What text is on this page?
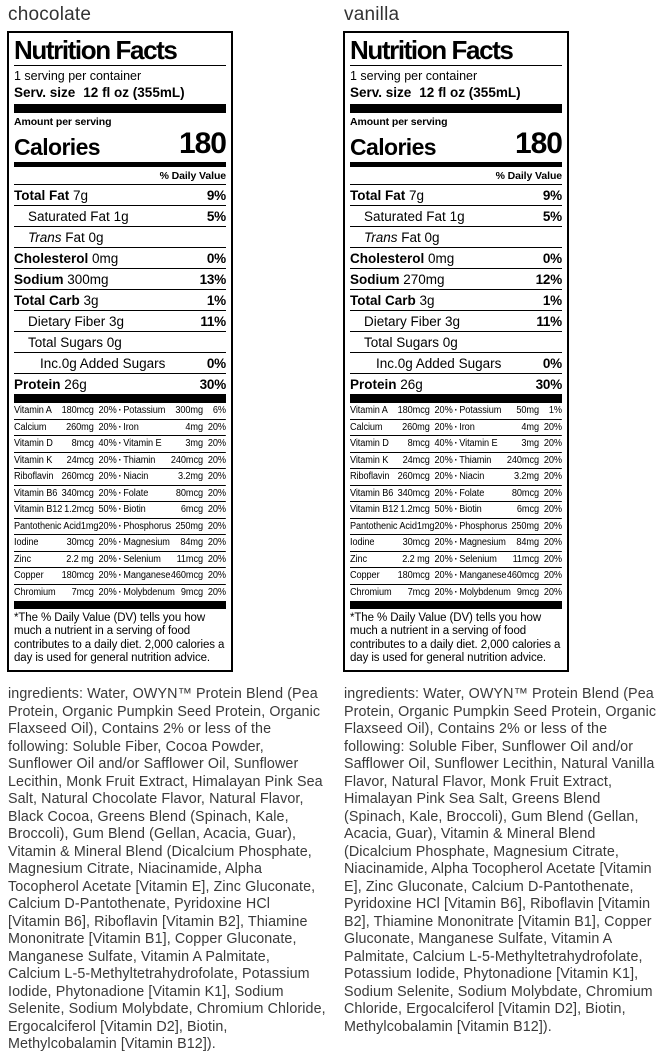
chocolate
Nutrition Facts
1 serving per container
Serv. size 12 fl oz (355mL)
Amount per serving
Calories	180
% Daily Value
Total Fat 7g	9%
Saturated Fat 1g	5%
Trans Fat 0g
Cholesterol 0mg	0%
Sodium 300mg	13%
Total Carb 3g	1%
Dietary Fiber 3g	11%
Total Sugars 0g
Inc.0g Added Sugars	0%
Protein 26g	30%
Vitamin A 180mcg 20% · Potassium	300mg 6%
Calcium	260mg 20% · Iron	4mg 20%
Vitamin D	8mcg 40% · Vitamin E	3mg 20%
Vitamin K	24mcg 20% · Thiamin	240mcg 20%
Riboflavin 260mcg 20% · Niacin	3.2mg 20%
Vitamin B6 340mcg 20% · Folate	80mcg 20%
Vitamin B12 1.2mcg 50% · Biotin	6mcg 20%
Pantothenic Acid 1mg 20% · Phosphorus 250mg 20%
Iodine	30mcg 20% · Magnesium	84mg 20%
Zinc	2.2 mg 20% · Selenium	11mcg 20%
Copper	180mcg 20% · Manganese 460mcg 20%
Chromium	7mcg 20% · Molybdenum 9mcg 20%

*The % Daily Value (DV) tells you how much a nutrient in a serving of food contributes to a daily diet. 2,000 calories a day is used for general nutrition advice.

ingredients: Water, OWYN™ Protein Blend (Pea Protein, Organic Pumpkin Seed Protein, Organic Flaxseed Oil), Contains 2% or less of the following: Soluble Fiber, Cocoa Powder, Sunflower Oil and/or Safflower Oil, Sunflower Lecithin, Monk Fruit Extract, Himalayan Pink Sea Salt, Natural Chocolate Flavor, Natural Flavor, Black Cocoa, Greens Blend (Spinach, Kale, Broccoli), Gum Blend (Gellan, Acacia, Guar), Vitamin & Mineral Blend (Dicalcium Phosphate, Magnesium Citrate, Niacinamide, Alpha Tocopherol Acetate [Vitamin E], Zinc Gluconate, Calcium D-Pantothenate, Pyridoxine HCl [Vitamin B6], Riboflavin [Vitamin B2], Thiamine Mononitrate [Vitamin B1], Copper Gluconate, Manganese Sulfate, Vitamin A Palmitate, Calcium L-5-Methyltetrahydrofolate, Potassium Iodide, Phytonadione [Vitamin K1], Sodium Selenite, Sodium Molybdate, Chromium Chloride, Ergocalciferol [Vitamin D2], Biotin, Methylcobalamin [Vitamin B12]).

vanilla
Nutrition Facts
1 serving per container
Serv. size 12 fl oz (355mL)
Amount per serving
Calories	180
% Daily Value
Total Fat 7g	9%
Saturated Fat 1g	5%
Trans Fat 0g
Cholesterol 0mg	0%
Sodium 270mg	12%
Total Carb 3g	1%
Dietary Fiber 3g	11%
Total Sugars 0g
Inc.0g Added Sugars	0%
Protein 26g	30%
Vitamin A 180mcg 20% · Potassium	50mg 1%
Calcium	260mg 20% · Iron	4mg 20%
Vitamin D	8mcg 40% · Vitamin E	3mg 20%
Vitamin K	24mcg 20% · Thiamin	240mcg 20%
Riboflavin 260mcg 20% · Niacin	3.2mg 20%
Vitamin B6 340mcg 20% · Folate	80mcg 20%
Vitamin B12 1.2mcg 50% · Biotin	6mcg 20%
Pantothenic Acid 1mg 20% · Phosphorus 250mg 20%
Iodine	30mcg 20% · Magnesium	84mg 20%
Zinc	2.2 mg 20% · Selenium	11mcg 20%
Copper	180mcg 20% · Manganese 460mcg 20%
Chromium	7mcg 20% · Molybdenum 9mcg 20%

*The % Daily Value (DV) tells you how much a nutrient in a serving of food contributes to a daily diet. 2,000 calories a day is used for general nutrition advice.

ingredients: Water, OWYN™ Protein Blend (Pea Protein, Organic Pumpkin Seed Protein, Organic Flaxseed Oil), Contains 2% or less of the following: Soluble Fiber, Sunflower Oil and/or Safflower Oil, Sunflower Lecithin, Natural Vanilla Flavor, Natural Flavor, Monk Fruit Extract, Himalayan Pink Sea Salt, Greens Blend (Spinach, Kale, Broccoli), Gum Blend (Gellan, Acacia, Guar), Vitamin & Mineral Blend (Dicalcium Phosphate, Magnesium Citrate, Niacinamide, Alpha Tocopherol Acetate [Vitamin E], Zinc Gluconate, Calcium D-Pantothenate, Pyridoxine HCl [Vitamin B6], Riboflavin [Vitamin B2], Thiamine Mononitrate [Vitamin B1], Copper Gluconate, Manganese Sulfate, Vitamin A Palmitate, Calcium L-5-Methyltetrahydrofolate, Potassium Iodide, Phytonadione [Vitamin K1], Sodium Selenite, Sodium Molybdate, Chromium Chloride, Ergocalciferol [Vitamin D2], Biotin, Methylcobalamin [Vitamin B12]).
